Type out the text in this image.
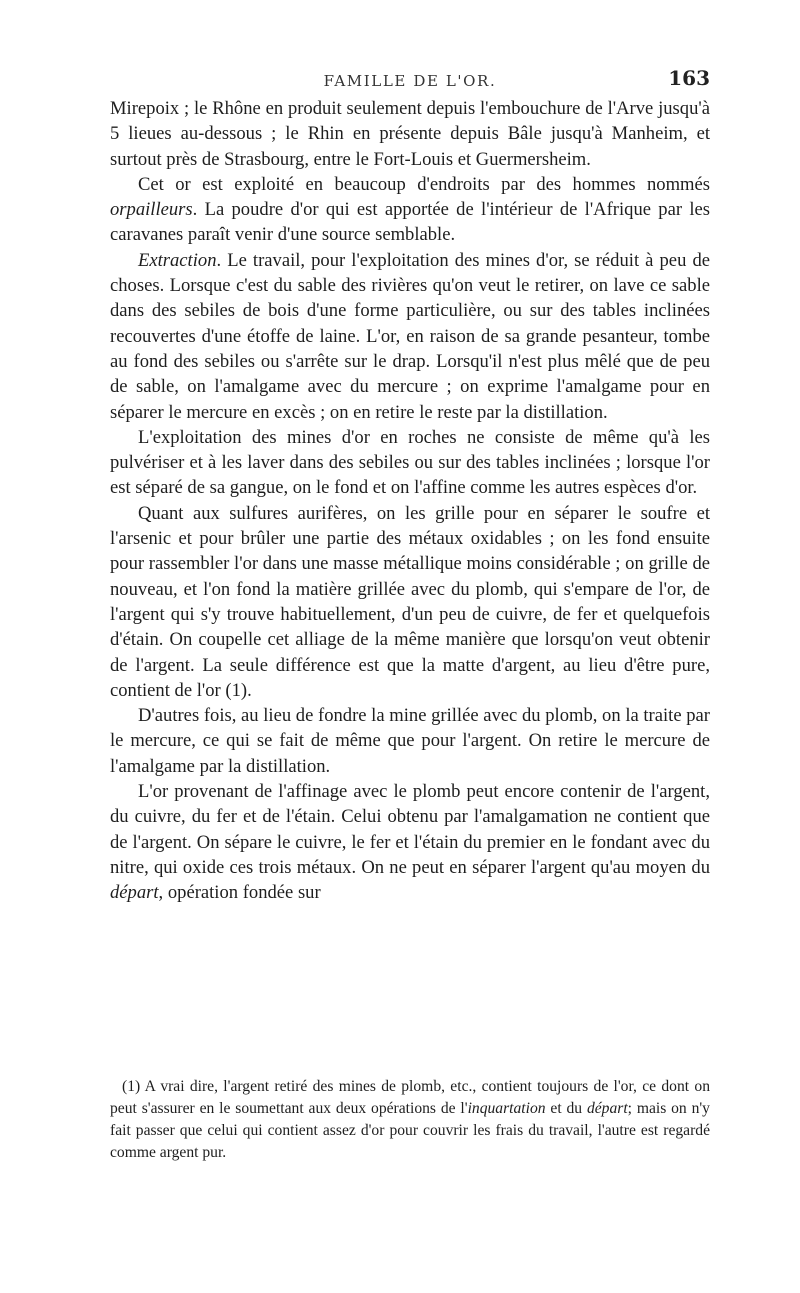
FAMILLE DE L'OR.	163

Mirepoix ; le Rhône en produit seulement depuis l'embouchure de l'Arve jusqu'à 5 lieues au-dessous ; le Rhin en présente depuis Bâle jusqu'à Manheim, et surtout près de Strasbourg, entre le Fort-Louis et Guermersheim.

Cet or est exploité en beaucoup d'endroits par des hommes nommés orpailleurs. La poudre d'or qui est apportée de l'intérieur de l'Afrique par les caravanes paraît venir d'une source semblable.

Extraction. Le travail, pour l'exploitation des mines d'or, se réduit à peu de choses. Lorsque c'est du sable des rivières qu'on veut le retirer, on lave ce sable dans des sebiles de bois d'une forme particulière, ou sur des tables inclinées recouvertes d'une étoffe de laine. L'or, en raison de sa grande pesanteur, tombe au fond des sebiles ou s'arrête sur le drap. Lorsqu'il n'est plus mêlé que de peu de sable, on l'amalgame avec du mercure ; on exprime l'amalgame pour en séparer le mercure en excès ; on en retire le reste par la distillation.

L'exploitation des mines d'or en roches ne consiste de même qu'à les pulvériser et à les laver dans des sebiles ou sur des tables inclinées ; lorsque l'or est séparé de sa gangue, on le fond et on l'affine comme les autres espèces d'or.

Quant aux sulfures aurifères, on les grille pour en séparer le soufre et l'arsenic et pour brûler une partie des métaux oxidables ; on les fond ensuite pour rassembler l'or dans une masse métallique moins considérable ; on grille de nouveau, et l'on fond la matière grillée avec du plomb, qui s'empare de l'or, de l'argent qui s'y trouve habituellement, d'un peu de cuivre, de fer et quelquefois d'étain. On coupelle cet alliage de la même manière que lorsqu'on veut obtenir de l'argent. La seule différence est que la matte d'argent, au lieu d'être pure, contient de l'or (1).

D'autres fois, au lieu de fondre la mine grillée avec du plomb, on la traite par le mercure, ce qui se fait de même que pour l'argent. On retire le mercure de l'amalgame par la distillation.

L'or provenant de l'affinage avec le plomb peut encore contenir de l'argent, du cuivre, du fer et de l'étain. Celui obtenu par l'amalgamation ne contient que de l'argent. On sépare le cuivre, le fer et l'étain du premier en le fondant avec du nitre, qui oxide ces trois métaux. On ne peut en séparer l'argent qu'au moyen du départ, opération fondée sur

(1) A vrai dire, l'argent retiré des mines de plomb, etc., contient toujours de l'or, ce dont on peut s'assurer en le soumettant aux deux opérations de l'inquartation et du départ; mais on n'y fait passer que celui qui contient assez d'or pour couvrir les frais du travail, l'autre est regardé comme argent pur.
